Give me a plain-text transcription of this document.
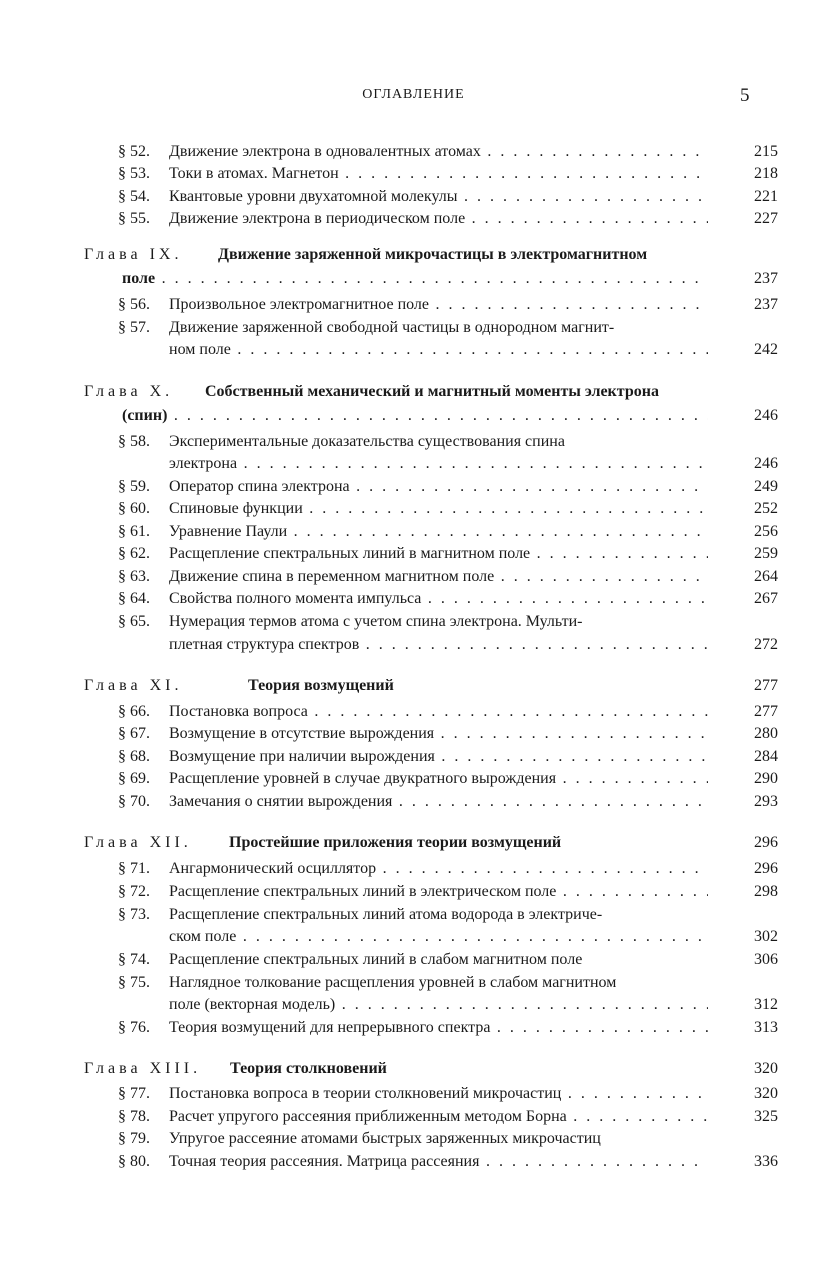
ОГЛАВЛЕНИЕ	5
§ 52. Движение электрона в одновалентных атомах . . .	215
§ 53. Токи в атомах. Магнетон . . .	218
§ 54. Квантовые уровни двухатомной молекулы . . .	221
§ 55. Движение электрона в периодическом поле . . .	227
Глава IX. Движение заряженной микрочастицы в электромагнитном
поле . . .	237
§ 56. Произвольное электромагнитное поле . . .	237
§ 57. Движение заряженной свободной частицы в однородном магнит-
ном поле . . .	242
Глава X. Собственный механический и магнитный моменты электрона
(спин) . . .	246
§ 58. Экспериментальные доказательства существования спина
электрона . . .	246
§ 59. Оператор спина электрона . . .	249
§ 60. Спиновые функции . . .	252
§ 61. Уравнение Паули . . .	256
§ 62. Расщепление спектральных линий в магнитном поле . . .	259
§ 63. Движение спина в переменном магнитном поле . . .	264
§ 64. Свойства полного момента импульса . . .	267
§ 65. Нумерация термов атома с учетом спина электрона. Мульти-
плетная структура спектров . . .	272
Глава XI.	Теория возмущений	277
§ 66. Постановка вопроса . . .	277
§ 67. Возмущение в отсутствие вырождения . . .	280
§ 68. Возмущение при наличии вырождения . . .	284
§ 69. Расщепление уровней в случае двукратного вырождения . . .	290
§ 70. Замечания о снятии вырождения . . .	293
Глава XII. Простейшие приложения теории возмущений	296
§ 71. Ангармонический осциллятор . . .	296
§ 72. Расщепление спектральных линий в электрическом поле . . .	298
§ 73. Расщепление спектральных линий атома водорода в электриче-
ском поле . . .	302
§ 74. Расщепление спектральных линий в слабом магнитном поле	306
§ 75. Наглядное толкование расщепления уровней в слабом магнитном
поле (векторная модель) . . .	312
§ 76. Теория возмущений для непрерывного спектра . . .	313
Глава XIII. Теория столкновений	320
§ 77. Постановка вопроса в теории столкновений микрочастиц . . .	320
§ 78. Расчет упругого рассеяния приближенным методом Борна . . .	325
§ 79. Упругое рассеяние атомами быстрых заряженных микрочастиц
§ 80. Точная теория рассеяния. Матрица рассеяния . . .	336
